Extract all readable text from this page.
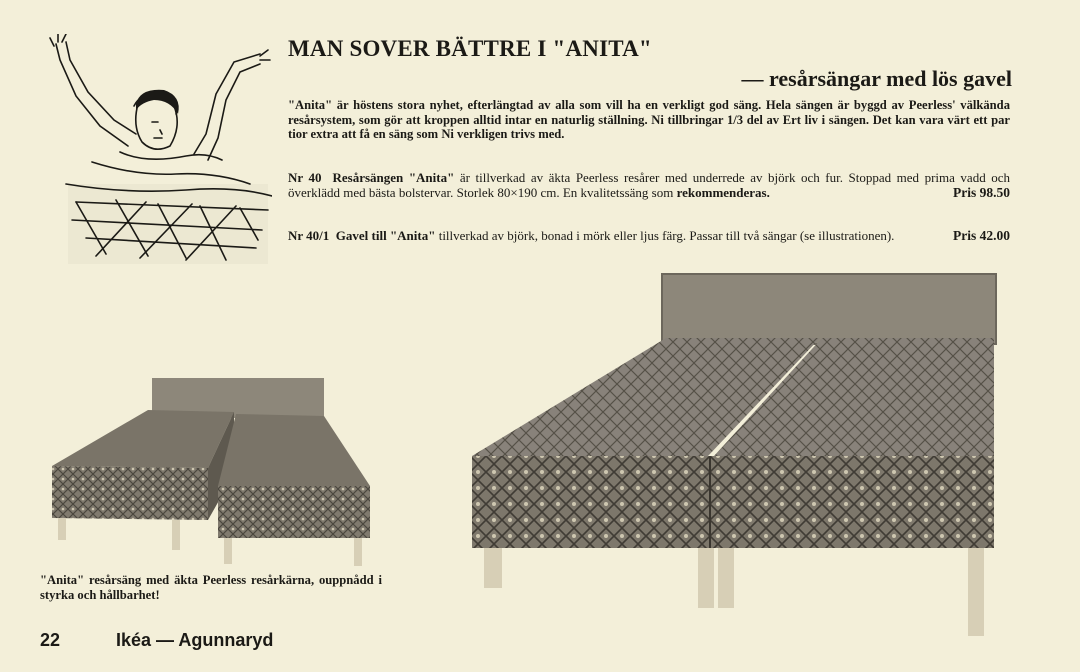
MAN SOVER BÄTTRE I "ANITA"
— resårsängar med lös gavel
"Anita" är höstens stora nyhet, efterlängtad av alla som vill ha en verkligt god säng. Hela sängen är byggd av Peerless' välkända resårsystem, som gör att kroppen alltid intar en naturlig ställning. Ni tillbringar 1/3 del av Ert liv i sängen. Det kan vara värt ett par tior extra att få en säng som Ni verkligen trivs med.
Nr 40 Resårsängen "Anita" är tillverkad av äkta Peerless resårer med underrede av björk och fur. Stoppad med prima vadd och överklädd med bästa bolstervar. Storlek 80×190 cm. En kvalitetssäng som rekommenderas.	Pris 98.50
Nr 40/1 Gavel till "Anita" tillverkad av björk, bonad i mörk eller ljus färg. Passar till två sängar (se illustrationen).	Pris 42.00
"Anita" resårsäng med äkta Peerless resårkärna, ouppnådd i styrka och hållbarhet!
22	Ikéa — Agunnaryd
